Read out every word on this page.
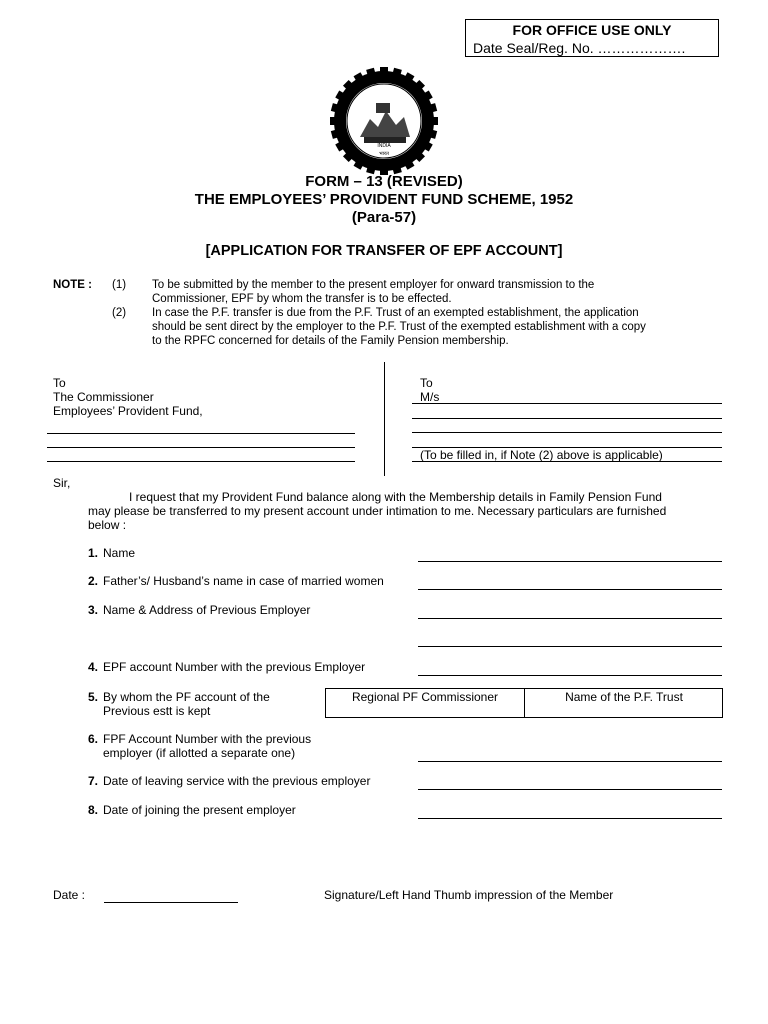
FOR OFFICE USE ONLY
Date Seal/Reg. No. ……………….
INDIA
भारत
FORM – 13 (REVISED)
THE EMPLOYEES’ PROVIDENT FUND SCHEME, 1952
(Para-57)
[APPLICATION FOR TRANSFER OF EPF ACCOUNT]
NOTE : (1) To be submitted by the member to the present employer for onward transmission to the
Commissioner, EPF by whom the transfer is to be effected.
(2) In case the P.F. transfer is due from the P.F. Trust of an exempted establishment, the application
should be sent direct by the employer to the P.F. Trust of the exempted establishment with a copy
to the RPFC concerned for details of the Family Pension membership.
To
The Commissioner
Employees’ Provident Fund,
To
M/s
(To be filled in, if Note (2) above is applicable)
Sir,
I request that my Provident Fund balance along with the Membership details in Family Pension Fund
may please be transferred to my present account under intimation to me. Necessary particulars are furnished
below :
1. Name
2. Father’s/ Husband’s name in case of married women
3. Name & Address of Previous Employer
4. EPF account Number with the previous Employer
5. By whom the PF account of the
Previous estt is kept
Regional PF Commissioner	Name of the P.F. Trust
6. FPF Account Number with the previous
employer (if allotted a separate one)
7. Date of leaving service with the previous employer
8. Date of joining the present employer
Date :	Signature/Left Hand Thumb impression of the Member
